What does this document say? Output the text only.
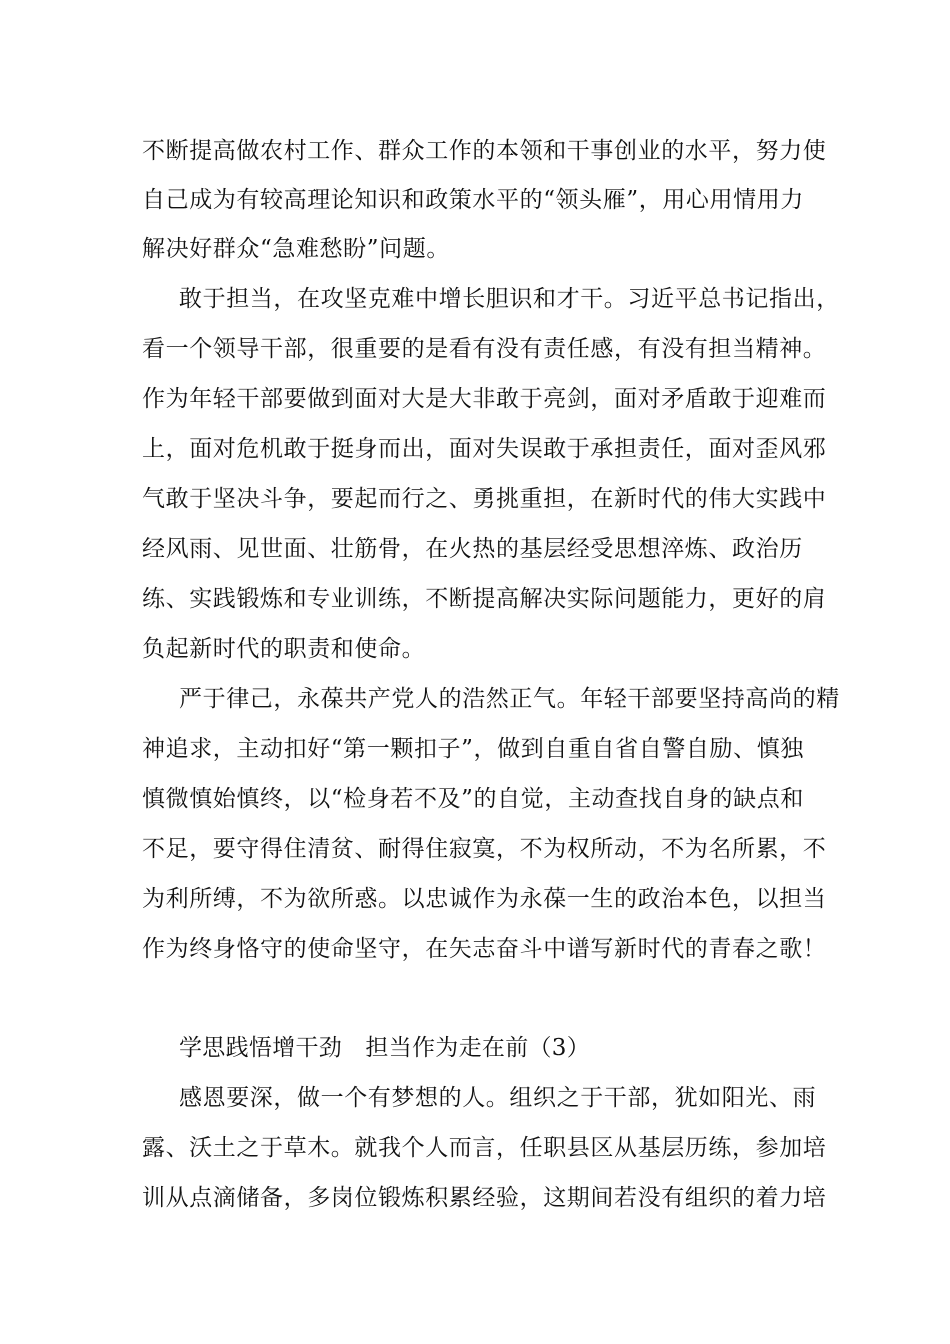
不断提高做农村工作、群众工作的本领和干事创业的水平，努力使

自己成为有较高理论知识和政策水平的“领头雁”，用心用情用力

解决好群众“急难愁盼”问题。

敢于担当，在攻坚克难中增长胆识和才干。习近平总书记指出，

看一个领导干部，很重要的是看有没有责任感，有没有担当精神。

作为年轻干部要做到面对大是大非敢于亮剑，面对矛盾敢于迎难而

上，面对危机敢于挺身而出，面对失误敢于承担责任，面对歪风邪

气敢于坚决斗争，要起而行之、勇挑重担，在新时代的伟大实践中

经风雨、见世面、壮筋骨，在火热的基层经受思想淬炼、政治历

练、实践锻炼和专业训练，不断提高解决实际问题能力，更好的肩

负起新时代的职责和使命。

严于律己，永葆共产党人的浩然正气。年轻干部要坚持高尚的精

神追求，主动扣好“第一颗扣子”，做到自重自省自警自励、慎独

慎微慎始慎终，以“检身若不及”的自觉，主动查找自身的缺点和

不足，要守得住清贫、耐得住寂寞，不为权所动，不为名所累，不

为利所缚，不为欲所惑。以忠诚作为永葆一生的政治本色，以担当

作为终身恪守的使命坚守，在矢志奋斗中谱写新时代的青春之歌！

学思践悟增干劲　担当作为走在前（3）

感恩要深，做一个有梦想的人。组织之于干部，犹如阳光、雨

露、沃土之于草木。就我个人而言，任职县区从基层历练，参加培

训从点滴储备，多岗位锻炼积累经验，这期间若没有组织的着力培
